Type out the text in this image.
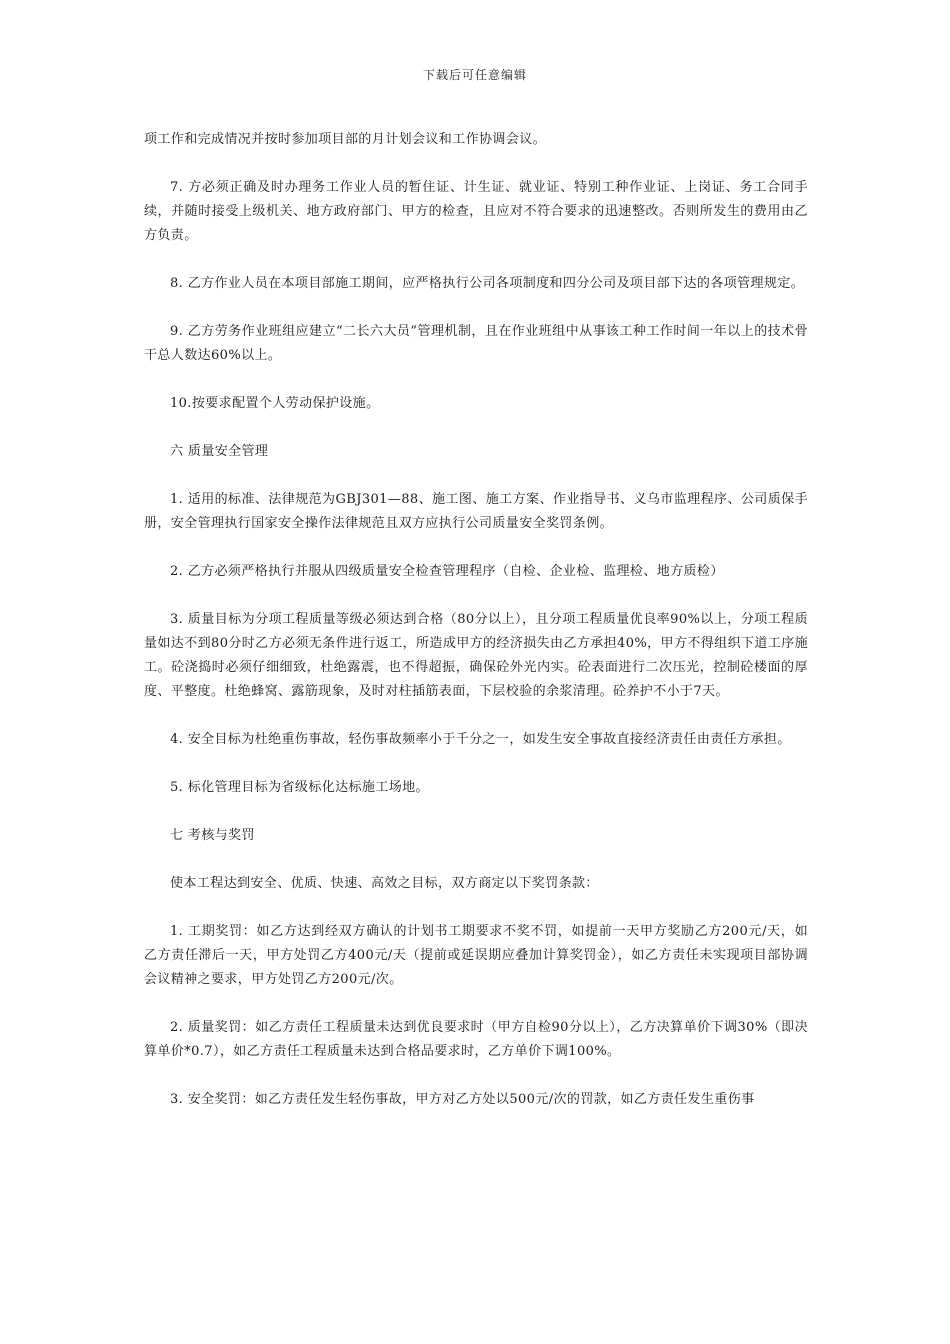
下载后可任意编辑

项工作和完成情况并按时参加项目部的月计划会议和工作协调会议。

7. 方必须正确及时办理务工作业人员的暂住证、计生证、就业证、特别工种作业证、上岗证、务工合同手续，并随时接受上级机关、地方政府部门、甲方的检查，且应对不符合要求的迅速整改。否则所发生的费用由乙方负责。

8. 乙方作业人员在本项目部施工期间，应严格执行公司各项制度和四分公司及项目部下达的各项管理规定。

9. 乙方劳务作业班组应建立“二长六大员”管理机制，且在作业班组中从事该工种工作时间一年以上的技术骨干总人数达60%以上。

10.按要求配置个人劳动保护设施。

六 质量安全管理

1. 适用的标准、法律规范为GBJ301—88、施工图、施工方案、作业指导书、义乌市监理程序、公司质保手册，安全管理执行国家安全操作法律规范且双方应执行公司质量安全奖罚条例。

2. 乙方必须严格执行并服从四级质量安全检查管理程序（自检、企业检、监理检、地方质检）

3. 质量目标为分项工程质量等级必须达到合格（80分以上），且分项工程质量优良率90%以上，分项工程质量如达不到80分时乙方必须无条件进行返工，所造成甲方的经济损失由乙方承担40%，甲方不得组织下道工序施工。砼浇捣时必须仔细细致，杜绝露震，也不得超振，确保砼外光内实。砼表面进行二次压光，控制砼楼面的厚度、平整度。杜绝蜂窝、露筋现象，及时对柱插筋表面，下层校验的余浆清理。砼养护不小于7天。

4. 安全目标为杜绝重伤事故，轻伤事故频率小于千分之一，如发生安全事故直接经济责任由责任方承担。

5. 标化管理目标为省级标化达标施工场地。

七 考核与奖罚

使本工程达到安全、优质、快速、高效之目标，双方商定以下奖罚条款：

1. 工期奖罚：如乙方达到经双方确认的计划书工期要求不奖不罚，如提前一天甲方奖励乙方200元/天，如乙方责任滞后一天，甲方处罚乙方400元/天（提前或延误期应叠加计算奖罚金），如乙方责任未实现项目部协调会议精神之要求，甲方处罚乙方200元/次。

2. 质量奖罚：如乙方责任工程质量未达到优良要求时（甲方自检90分以上），乙方决算单价下调30%（即决算单价*0.7），如乙方责任工程质量未达到合格品要求时，乙方单价下调100%。

3. 安全奖罚：如乙方责任发生轻伤事故，甲方对乙方处以500元/次的罚款，如乙方责任发生重伤事
